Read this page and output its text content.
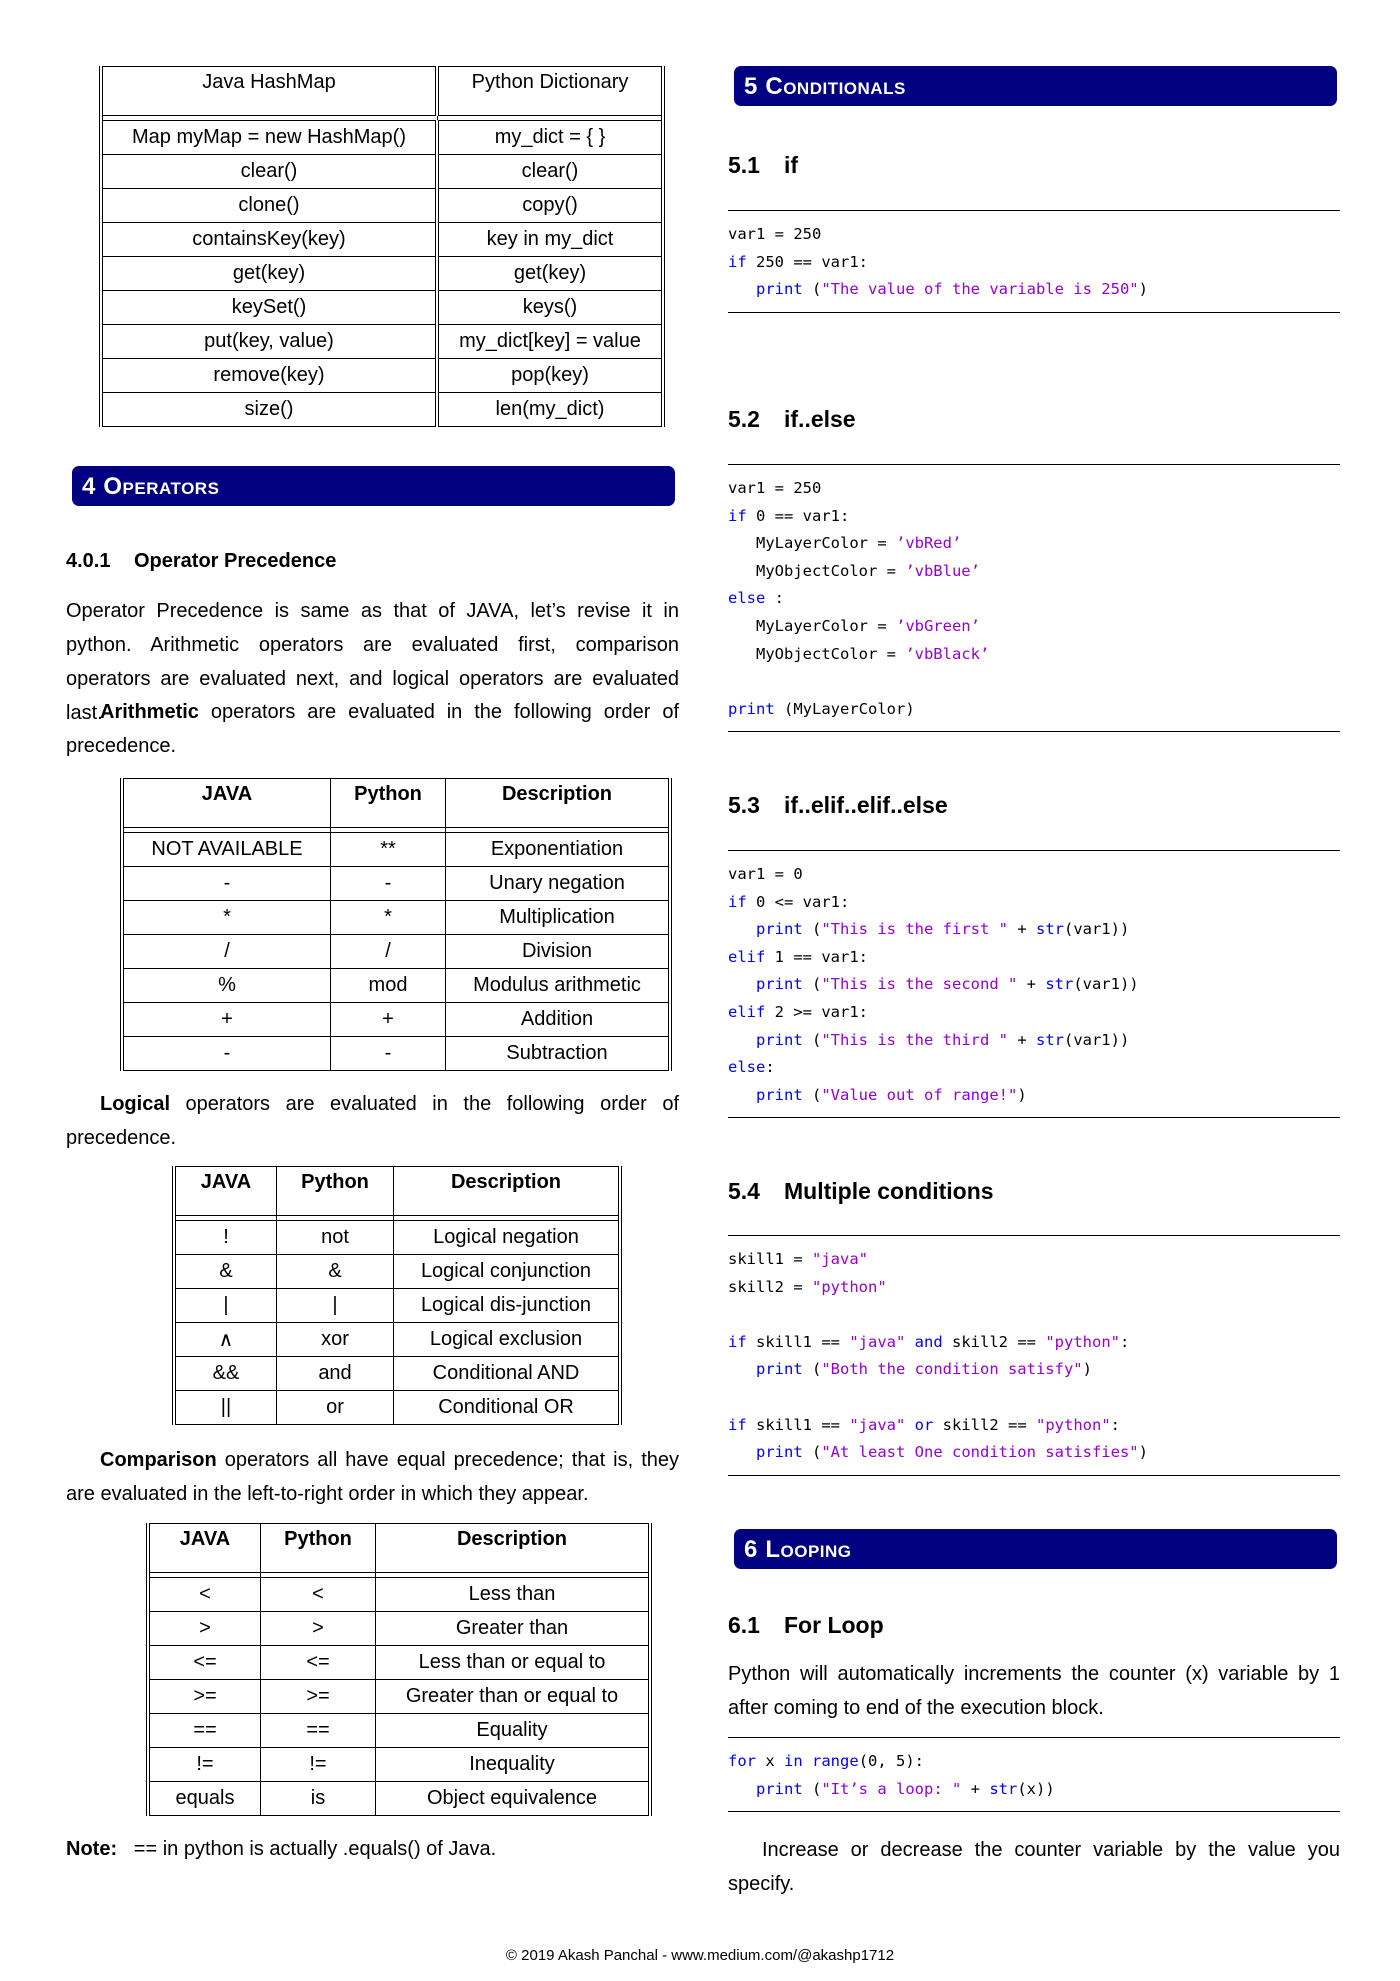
Java HashMap	Python Dictionary

Map myMap = new HashMap()	my_dict = { }
clear()	clear()
clone()	copy()
containsKey(key)	key in my_dict
get(key)	get(key)
keySet()	keys()
put(key, value)	my_dict[key] = value
remove(key)	pop(key)
size()	len(my_dict)
4 Operators
4.0.1 Operator Precedence
Operator Precedence is same as that of JAVA, let’s revise it in python. Arithmetic operators are evaluated first, comparison operators are evaluated next, and logical operators are evaluated last.
Arithmetic operators are evaluated in the following order of precedence.
JAVA	Python	Description

NOT AVAILABLE	**	Exponentiation
-	-	Unary negation
*	*	Multiplication
/	/	Division
%	mod	Modulus arithmetic
+	+	Addition
-	-	Subtraction
Logical operators are evaluated in the following order of precedence.
JAVA	Python	Description

!	not	Logical negation
&	&	Logical conjunction
|	|	Logical dis-junction
∧	xor	Logical exclusion
&&	and	Conditional AND
||	or	Conditional OR
Comparison operators all have equal precedence; that is, they are evaluated in the left-to-right order in which they appear.
JAVA	Python	Description

<	<	Less than
>	>	Greater than
<=	<=	Less than or equal to
>=	>=	Greater than or equal to
==	==	Equality
!=	!=	Inequality
equals	is	Object equivalence
Note: == in python is actually .equals() of Java.
5 Conditionals
5.1 if
var1 = 250
if 250 == var1:
print ("The value of the variable is 250")
5.2 if..else
var1 = 250
if 0 == var1:
MyLayerColor = ’vbRed’
MyObjectColor = ’vbBlue’
else :
MyLayerColor = ’vbGreen’
MyObjectColor = ’vbBlack’

print (MyLayerColor)
5.3 if..elif..elif..else
var1 = 0
if 0 <= var1:
print ("This is the first " + str(var1))
elif 1 == var1:
print ("This is the second " + str(var1))
elif 2 >= var1:
print ("This is the third " + str(var1))
else:
print ("Value out of range!")
5.4 Multiple conditions
skill1 = "java"
skill2 = "python"

if skill1 == "java" and skill2 == "python":
print ("Both the condition satisfy")

if skill1 == "java" or skill2 == "python":
print ("At least One condition satisfies")
6 Looping
6.1 For Loop
Python will automatically increments the counter (x) variable by 1 after coming to end of the execution block.
for x in range(0, 5):
print ("It’s a loop: " + str(x))
Increase or decrease the counter variable by the value you specify.
© 2019 Akash Panchal - www.medium.com/@akashp1712
